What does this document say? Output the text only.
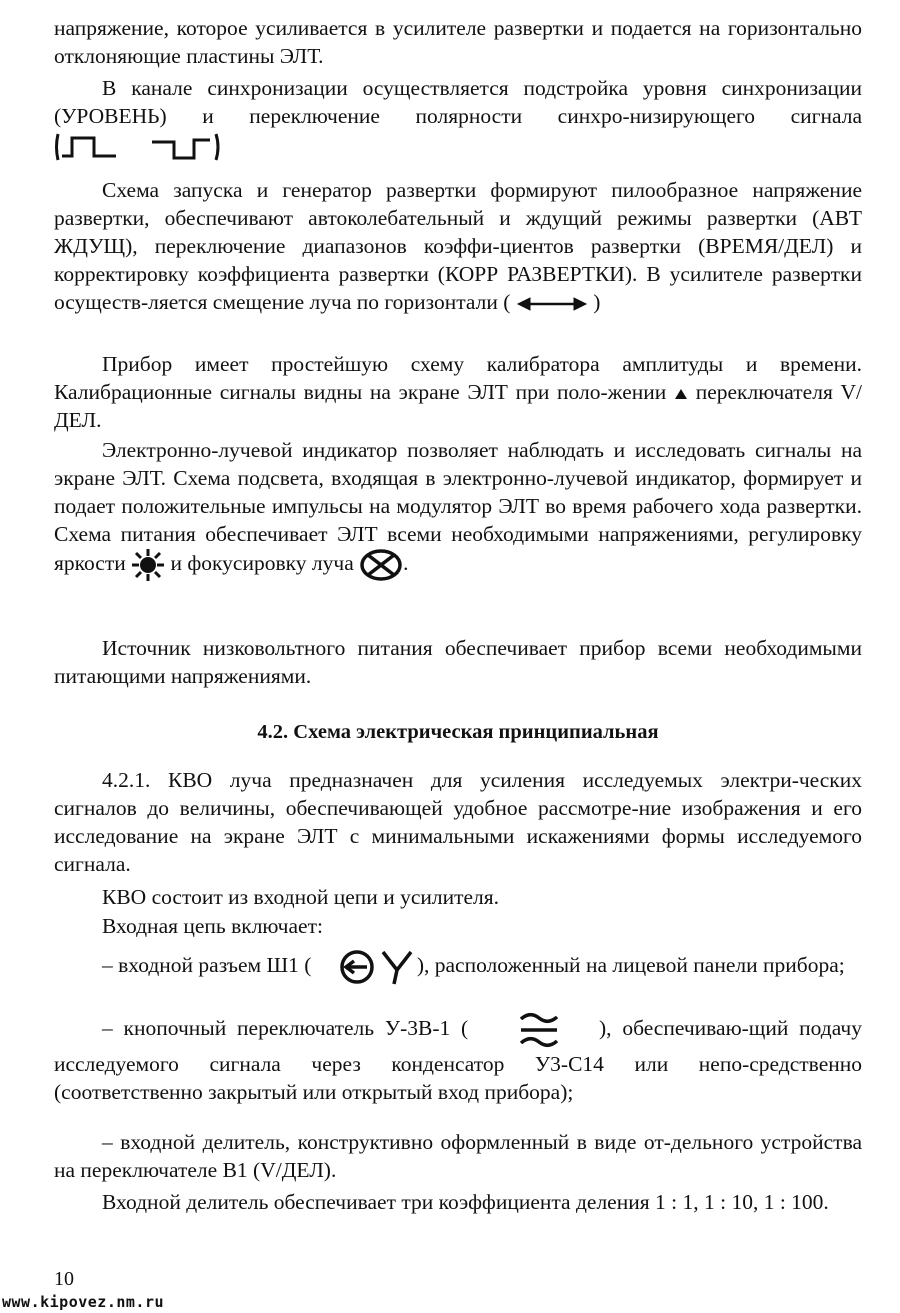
напряжение, которое усиливается в усилителе развертки и подается на горизонтально отклоняющие пластины ЭЛТ.

В канале синхронизации осуществляется подстройка уровня синхронизации (УРОВЕНЬ) и переключение полярности синхро-низирующего сигнала

Схема запуска и генератор развертки формируют пилообразное напряжение развертки, обеспечивают автоколебательный и ждущий режимы развертки (АВТ ЖДУЩ), переключение диапазонов коэффи-циентов развертки (ВРЕМЯ/ДЕЛ) и корректировку коэффициента развертки (КОРР РАЗВЕРТКИ). В усилителе развертки осуществ-ляется смещение луча по горизонтали (	)

Прибор имеет простейшую схему калибратора амплитуды и времени. Калибрационные сигналы видны на экране ЭЛТ при поло-жении переключателя V/ДЕЛ.

Электронно-лучевой индикатор позволяет наблюдать и исследовать сигналы на экране ЭЛТ. Схема подсвета, входящая в электронно-лучевой индикатор, формирует и подает положительные импульсы на модулятор ЭЛТ во время рабочего хода развертки. Схема питания обеспечивает ЭЛТ всеми необходимыми напряжениями, регулировку яркости и фокусировку луча .

Источник низковольтного питания обеспечивает прибор всеми необходимыми питающими напряжениями.

4.2. Схема электрическая принципиальная

4.2.1. КВО луча предназначен для усиления исследуемых электри-ческих сигналов до величины, обеспечивающей удобное рассмотре-ние изображения и его исследование на экране ЭЛТ с минимальными искажениями формы исследуемого сигнала.

КВО состоит из входной цепи и усилителя.

Входная цепь включает:

– входной разъем Ш1 (	), расположенный на лицевой панели прибора;

– кнопочный переключатель У-3В-1 (	), обеспечиваю-щий подачу исследуемого сигнала через конденсатор У3-С14 или непо-средственно (соответственно закрытый или открытый вход прибора);

– входной делитель, конструктивно оформленный в виде от-дельного устройства на переключателе В1 (V/ДЕЛ).

Входной делитель обеспечивает три коэффициента деления 1 : 1, 1 : 10, 1 : 100.

10
www.kipovez.nm.ru
